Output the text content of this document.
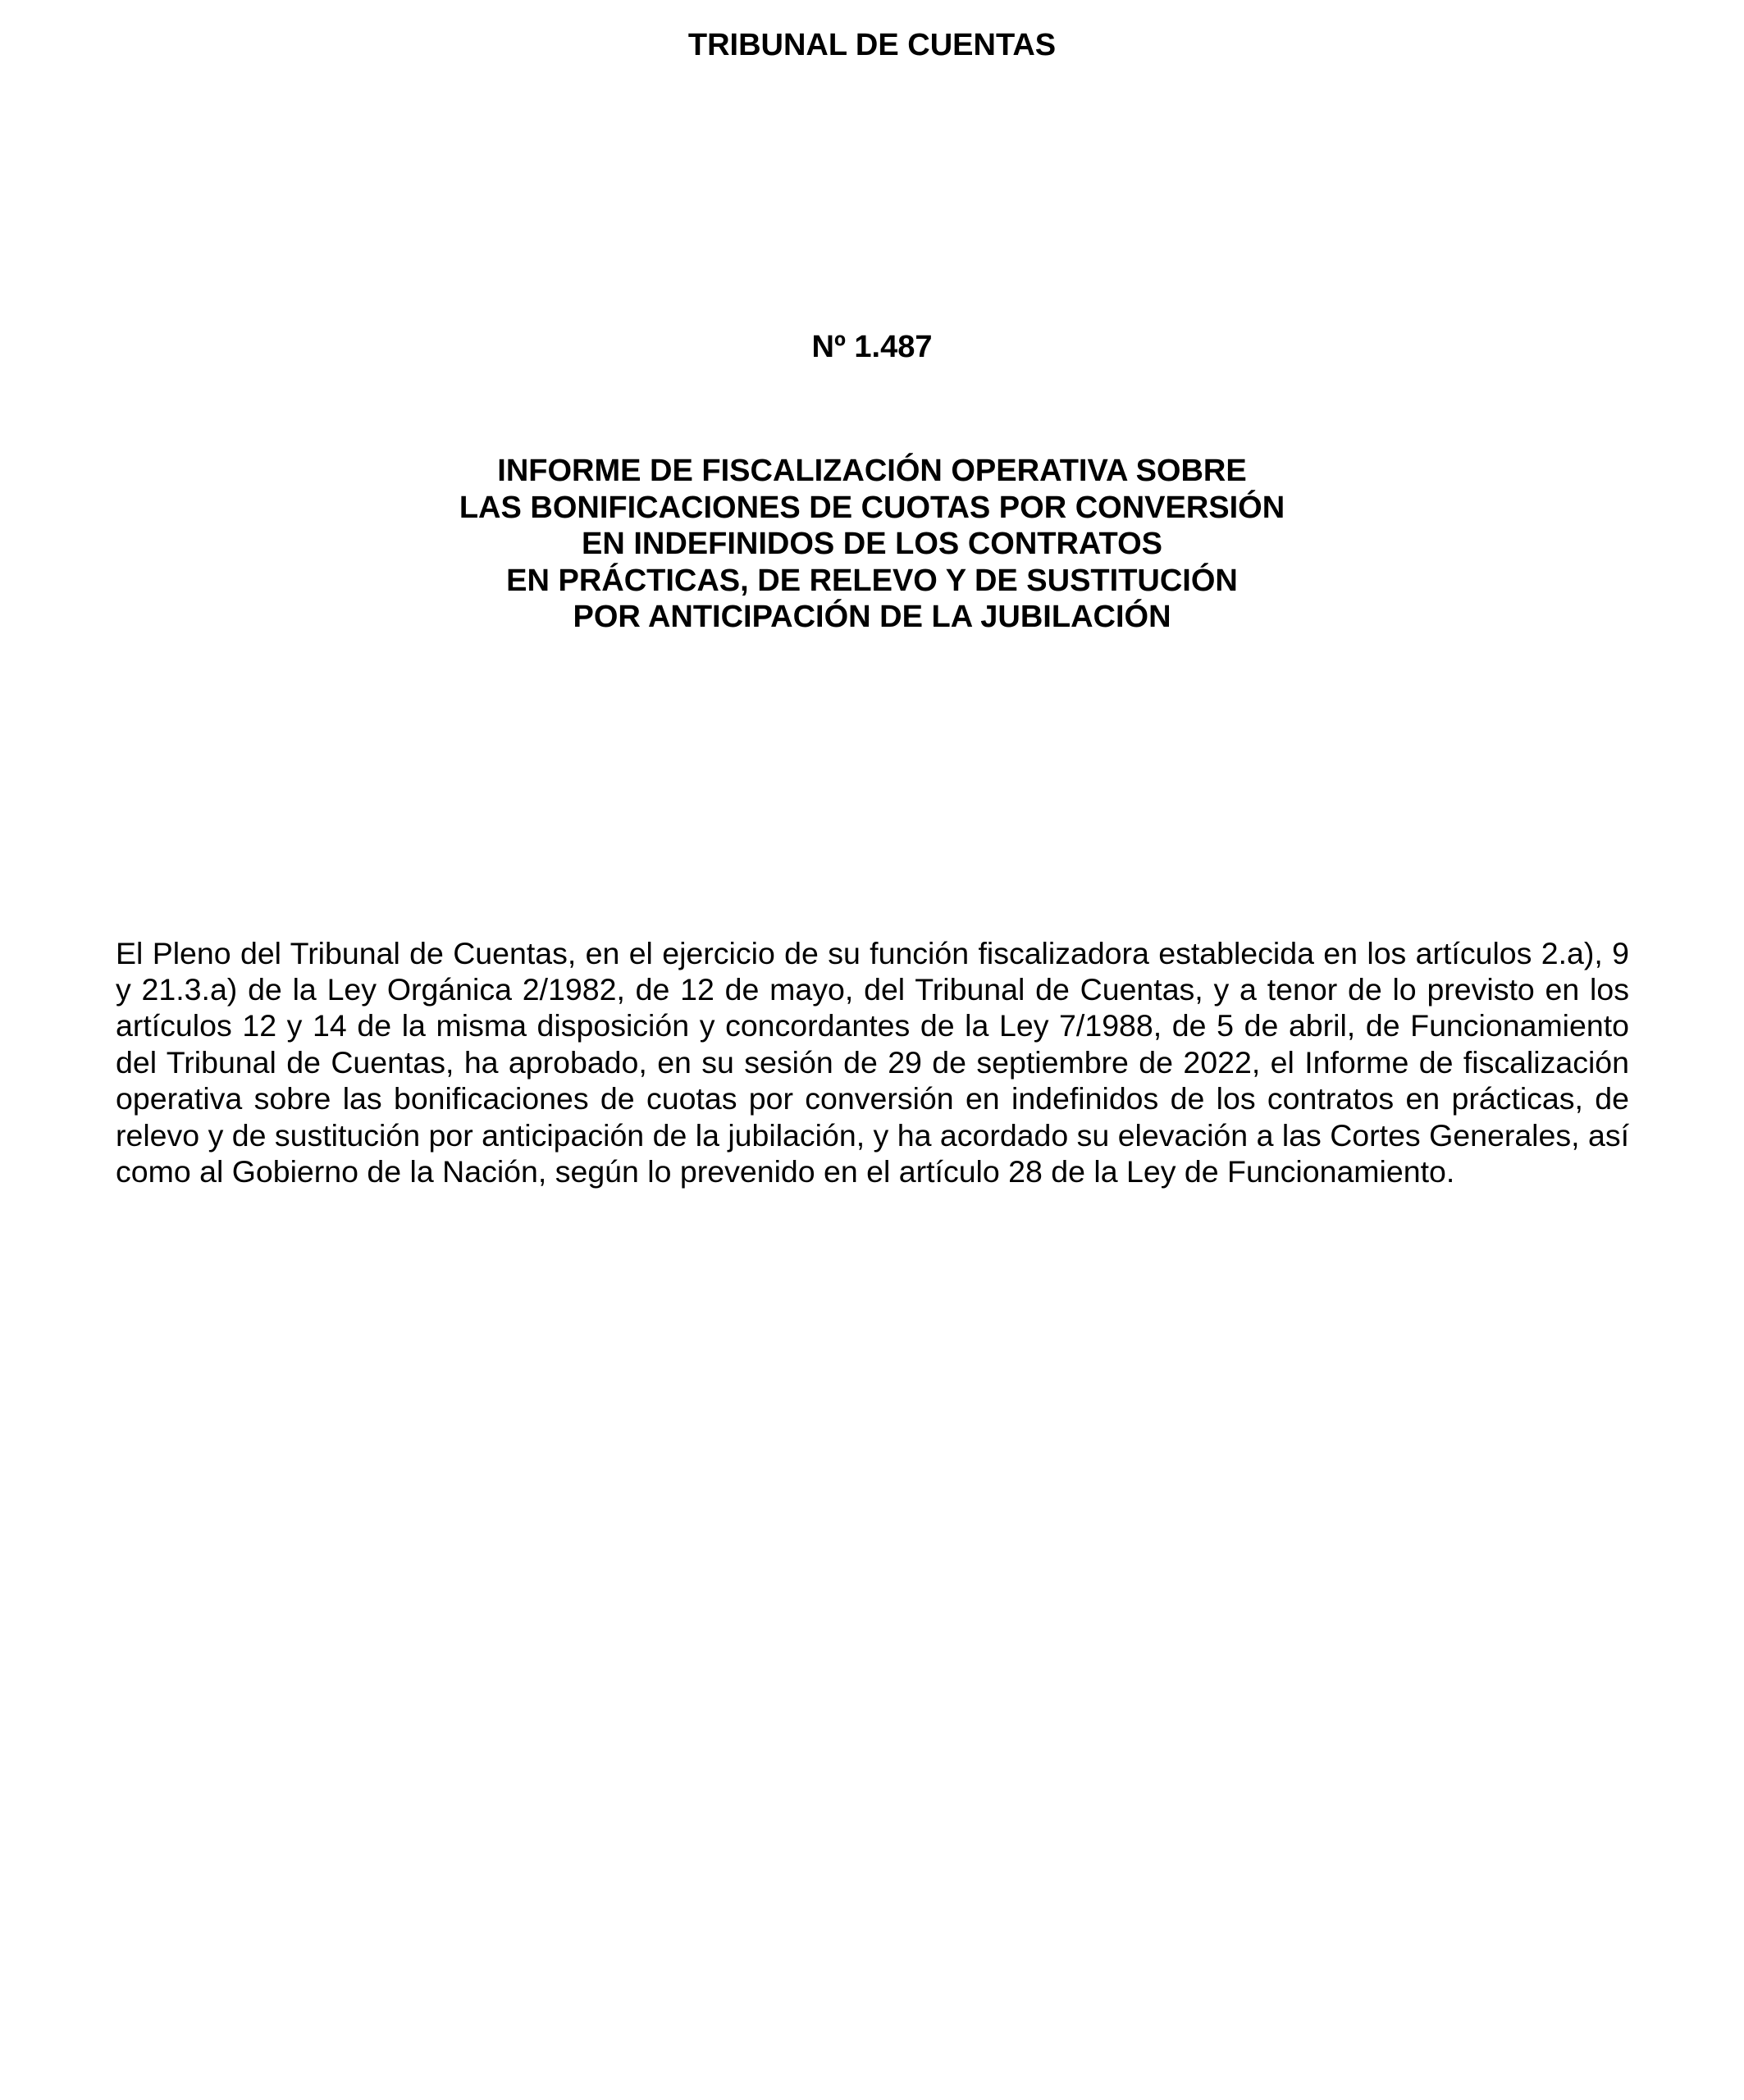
TRIBUNAL DE CUENTAS
Nº 1.487
INFORME DE FISCALIZACIÓN OPERATIVA SOBRE
LAS BONIFICACIONES DE CUOTAS POR CONVERSIÓN
EN INDEFINIDOS DE LOS CONTRATOS
EN PRÁCTICAS, DE RELEVO Y DE SUSTITUCIÓN
POR ANTICIPACIÓN DE LA JUBILACIÓN

El Pleno del Tribunal de Cuentas, en el ejercicio de su función fiscalizadora establecida en los artículos 2.a), 9 y 21.3.a) de la Ley Orgánica 2/1982, de 12 de mayo, del Tribunal de Cuentas, y a tenor de lo previsto en los artículos 12 y 14 de la misma disposición y concordantes de la Ley 7/1988, de 5 de abril, de Funcionamiento del Tribunal de Cuentas, ha aprobado, en su sesión de 29 de septiembre de 2022, el Informe de fiscalización operativa sobre las bonificaciones de cuotas por conversión en indefinidos de los contratos en prácticas, de relevo y de sustitución por anticipación de la jubilación, y ha acordado su elevación a las Cortes Generales, así como al Gobierno de la Nación, según lo prevenido en el artículo 28 de la Ley de Funcionamiento.
